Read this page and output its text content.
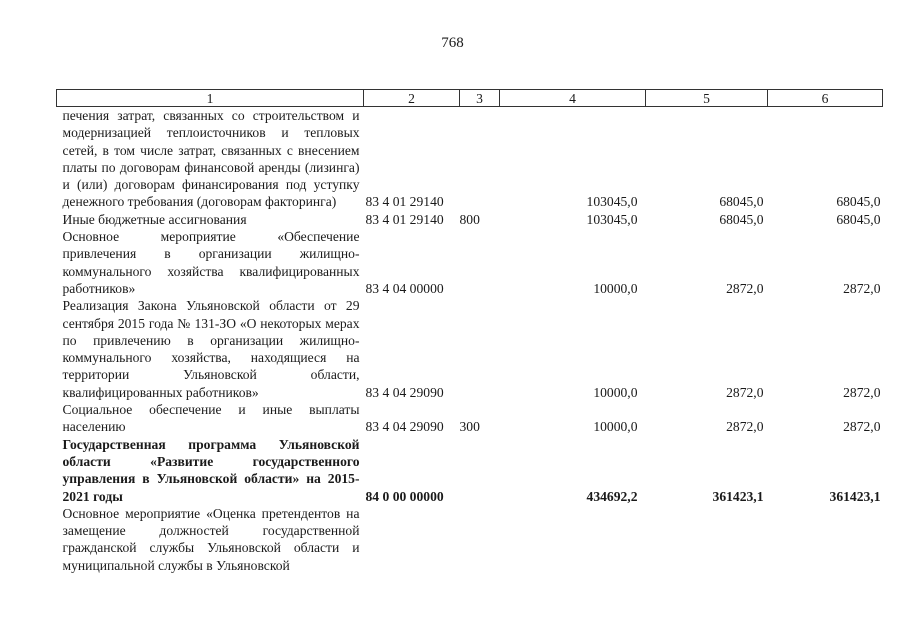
768
1	2	3	4	5	6
печения затрат, связанных со строительством и модернизацией теплоисточников и тепловых сетей, в том числе затрат, связанных с внесением платы по договорам финансовой аренды (лизинга) и (или) договорам финансирования под уступку денежного требования (договорам факторинга)	83 4 01 29140		103045,0	68045,0	68045,0
Иные бюджетные ассигнования	83 4 01 29140	800	103045,0	68045,0	68045,0
Основное мероприятие «Обеспечение привлечения в организации жилищно-коммунального хозяйства квалифицированных работников»	83 4 04 00000		10000,0	2872,0	2872,0
Реализация Закона Ульяновской области от 29 сентября 2015 года № 131-ЗО «О некоторых мерах по привлечению в организации жилищно-коммунального хозяйства, находящиеся на территории Ульяновской области, квалифицированных работников»	83 4 04 29090		10000,0	2872,0	2872,0
Социальное обеспечение и иные выплаты населению	83 4 04 29090	300	10000,0	2872,0	2872,0
Государственная программа Ульяновской области «Развитие государственного управления в Ульяновской области» на 2015-2021 годы	84 0 00 00000		434692,2	361423,1	361423,1
Основное мероприятие «Оценка претендентов на замещение должностей государственной гражданской службы Ульяновской области и муниципальной службы в Ульяновской					
